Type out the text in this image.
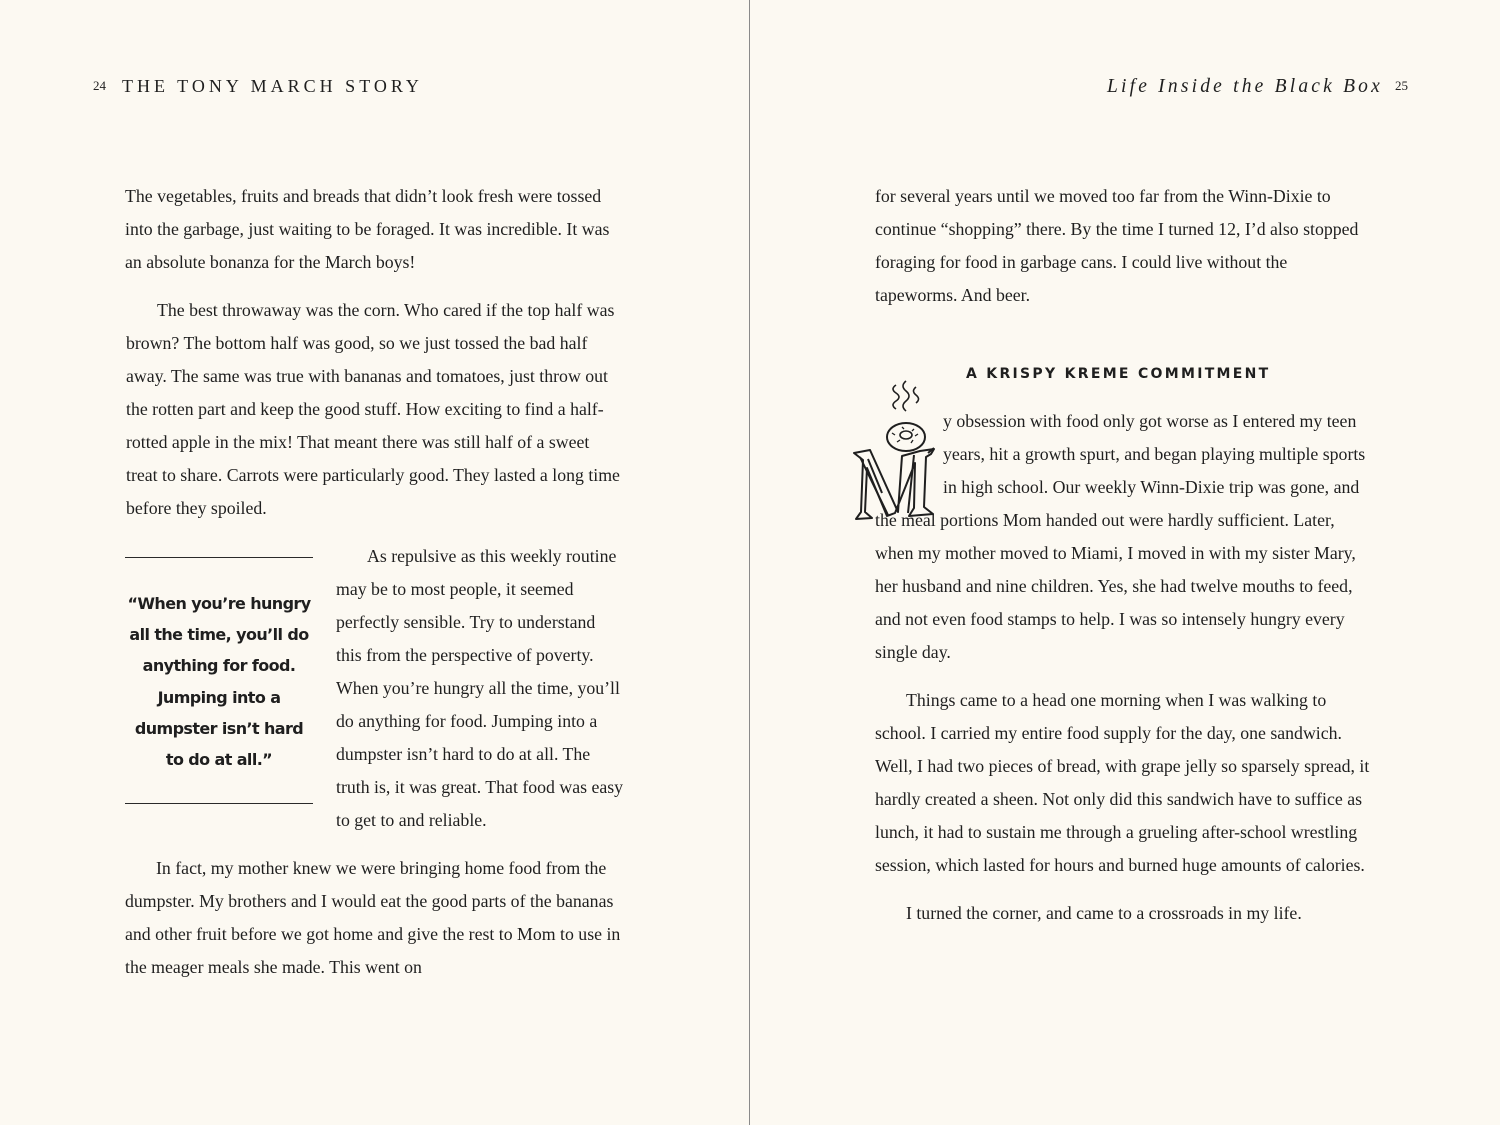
24 THE TONY MARCH STORY

The vegetables, fruits and breads that didn’t look fresh were tossed into the garbage, just waiting to be foraged. It was incredible. It was an absolute bonanza for the March boys!

“When you’re hungry all the time, you’ll do anything for food. Jumping into a dumpster isn’t hard to do at all.”
The best throwaway was the corn. Who cared if the top half was brown? The bottom half was good, so we just tossed the bad half away. The same was true with bananas and tomatoes, just throw out the rotten part and keep the good stuff. How exciting to find a half-rotted apple in the mix! That meant there was still half of a sweet treat to share. Carrots were particularly good. They lasted a long time before they spoiled.

As repulsive as this weekly routine may be to most people, it seemed perfectly sensible. Try to understand this from the perspective of poverty. When you’re hungry all the time, you’ll do anything for food. Jumping into a dumpster isn’t hard to do at all. The truth is, it was great. That food was easy to get to and reliable.

In fact, my mother knew we were bringing home food from the dumpster. My brothers and I would eat the good parts of the bananas and other fruit before we got home and give the rest to Mom to use in the meager meals she made. This went on

Life Inside the Black Box 25

for several years until we moved too far from the Winn-Dixie to continue “shopping” there. By the time I turned 12, I’d also stopped foraging for food in garbage cans. I could live without the tapeworms. And beer.

A KRISPY KREME COMMITMENT

y obsession with food only got worse as I entered my teen years, hit a growth spurt, and began playing multiple sports in high school. Our weekly Winn-Dixie trip was gone, and the meal portions Mom handed out were hardly sufficient. Later, when my mother moved to Miami, I moved in with my sister Mary, her husband and nine children. Yes, she had twelve mouths to feed, and not even food stamps to help. I was so intensely hungry every single day.

Things came to a head one morning when I was walking to school. I carried my entire food supply for the day, one sandwich. Well, I had two pieces of bread, with grape jelly so sparsely spread, it hardly created a sheen. Not only did this sandwich have to suffice as lunch, it had to sustain me through a grueling after-school wrestling session, which lasted for hours and burned huge amounts of calories.

I turned the corner, and came to a crossroads in my life.
